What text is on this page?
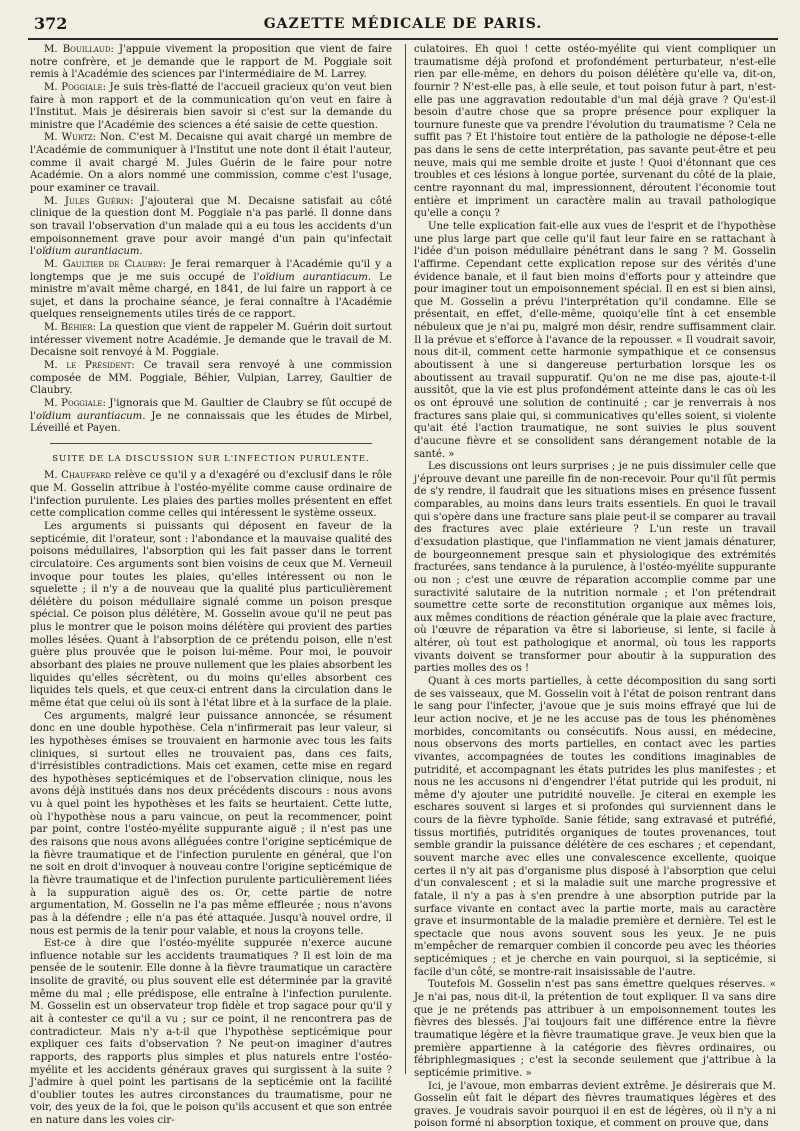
372	GAZETTE MÉDICALE DE PARIS.

M. Bouillaud: J'appuie vivement la proposition que vient de faire notre confrère, et je demande que le rapport de M. Poggiale soit remis à l'Académie des sciences par l'intermédiaire de M. Larrey.

M. Poggiale: Je suis très-flatté de l'accueil gracieux qu'on veut bien faire à mon rapport et de la communication qu'on veut en faire à l'Institut. Mais je désirerais bien savoir si c'est sur la demande du ministre que l'Académie des sciences a été saisie de cette question.

M. Wurtz: Non. C'est M. Decaisne qui avait chargé un membre de l'Académie de communiquer à l'Institut une note dont il était l'auteur, comme il avait chargé M. Jules Guérin de le faire pour notre Académie. On a alors nommé une commission, comme c'est l'usage, pour examiner ce travail.

M. Jules Guérin: J'ajouterai que M. Decaisne satisfait au côté clinique de la question dont M. Poggiale n'a pas parlé. Il donne dans son travail l'observation d'un malade qui a eu tous les accidents d'un empoisonnement grave pour avoir mangé d'un pain qu'infectait l'oïdium aurantiacum.

M. Gaultier de Claubry: Je ferai remarquer à l'Académie qu'il y a longtemps que je me suis occupé de l'oïdium aurantiacum. Le ministre m'avait même chargé, en 1841, de lui faire un rapport à ce sujet, et dans la prochaine séance, je ferai connaître à l'Académie quelques renseignements utiles tirés de ce rapport.

M. Béhier: La question que vient de rappeler M. Guérin doit surtout intéresser vivement notre Académie. Je demande que le travail de M. Decaisne soit renvoyé à M. Poggiale.

M. le Président: Ce travail sera renvoyé à une commission composée de MM. Poggiale, Béhier, Vulpian, Larrey, Gaultier de Claubry.

M. Poggiale: J'ignorais que M. Gaultier de Claubry se fût occupé de l'oïdium aurantiacum. Je ne connaissais que les études de Mirbel, Léveillé et Payen.

SUITE DE LA DISCUSSION SUR L'INFECTION PURULENTE.

M. Chauffard relève ce qu'il y a d'exagéré ou d'exclusif dans le rôle que M. Gosselin attribue à l'ostéo-myélite comme cause ordinaire de l'infection purulente. Les plaies des parties molles présentent en effet cette complication comme celles qui intéressent le système osseux.

Les arguments si puissants qui déposent en faveur de la septicémie, dit l'orateur, sont : l'abondance et la mauvaise qualité des poisons médullaires, l'absorption qui les fait passer dans le torrent circulatoire. Ces arguments sont bien voisins de ceux que M. Verneuil invoque pour toutes les plaies, qu'elles intéressent ou non le squelette ; il n'y a de nouveau que la qualité plus particulièrement délétère du poison médullaire signalé comme un poison presque spécial. Ce poison plus délétère, M. Gosselin avoue qu'il ne peut pas plus le montrer que le poison moins délétère qui provient des parties molles lésées. Quant à l'absorption de ce prétendu poison, elle n'est guère plus prouvée que le poison lui-même. Pour moi, le pouvoir absorbant des plaies ne prouve nullement que les plaies absorbent les liquides qu'elles sécrètent, ou du moins qu'elles absorbent ces liquides tels quels, et que ceux-ci entrent dans la circulation dans le même état que celui où ils sont à l'état libre et à la surface de la plaie.

Ces arguments, malgré leur puissance annoncée, se résument donc en une double hypothèse. Cela n'infirmerait pas leur valeur, si les hypothèses émises se trouvaient en harmonie avec tous les faits cliniques, si surtout elles ne trouvaient pas, dans ces faits, d'irrésistibles contradictions. Mais cet examen, cette mise en regard des hypothèses septicémiques et de l'observation clinique, nous les avons déjà institués dans nos deux précédents discours : nous avons vu à quel point les hypothèses et les faits se heurtaient. Cette lutte, où l'hypothèse nous a paru vaincue, on peut la recommencer, point par point, contre l'ostéo-myélite suppurante aiguë ; il n'est pas une des raisons que nous avons alléguées contre l'origine septicémique de la fièvre traumatique et de l'infection purulente en général, que l'on ne soit en droit d'invoquer à nouveau contre l'origine septicémique de la fièvre traumatique et de l'infection purulente particulièrement liées à la suppuration aiguë des os. Or, cette partie de notre argumentation, M. Gosselin ne l'a pas même effleurée ; nous n'avons pas à la défendre ; elle n'a pas été attaquée. Jusqu'à nouvel ordre, il nous est permis de la tenir pour valable, et nous la croyons telle.

Est-ce à dire que l'ostéo-myélite suppurée n'exerce aucune influence notable sur les accidents traumatiques ? Il est loin de ma pensée de le soutenir. Elle donne à la fièvre traumatique un caractère insolite de gravité, ou plus souvent elle est déterminée par la gravité même du mal ; elle prédispose, elle entraîne à l'infection purulente. M. Gosselin est un observateur trop fidèle et trop sagace pour qu'il y ait à contester ce qu'il a vu ; sur ce point, il ne rencontrera pas de contradicteur. Mais n'y a-t-il que l'hypothèse septicémique pour expliquer ces faits d'observation ? Ne peut-on imaginer d'autres rapports, des rapports plus simples et plus naturels entre l'ostéo-myélite et les accidents généraux graves qui surgissent à la suite ? J'admire à quel point les partisans de la septicémie ont la facilité d'oublier toutes les autres circonstances du traumatisme, pour ne voir, des yeux de la foi, que le poison qu'ils accusent et que son entrée en nature dans les voies cir-

culatoires. Eh quoi ! cette ostéo-myélite qui vient compliquer un traumatisme déjà profond et profondément perturbateur, n'est-elle rien par elle-même, en dehors du poison délétère qu'elle va, dit-on, fournir ? N'est-elle pas, à elle seule, et tout poison futur à part, n'est-elle pas une aggravation redoutable d'un mal déjà grave ? Qu'est-il besoin d'autre chose que sa propre présence pour expliquer la tournure funeste que va prendre l'évolution du traumatisme ? Cela ne suffit pas ? Et l'histoire tout entière de la pathologie ne dépose-t-elle pas dans le sens de cette interprétation, pas savante peut-être et peu neuve, mais qui me semble droite et juste ! Quoi d'étonnant que ces troubles et ces lésions à longue portée, survenant du côté de la plaie, centre rayonnant du mal, impressionnent, déroutent l'économie tout entière et impriment un caractère malin au travail pathologique qu'elle a conçu ?

Une telle explication fait-elle aux vues de l'esprit et de l'hypothèse une plus large part que celle qu'il faut leur faire en se rattachant à l'idée d'un poison médullaire pénétrant dans le sang ? M. Gosselin l'affirme. Cependant cette explication repose sur des vérités d'une évidence banale, et il faut bien moins d'efforts pour y atteindre que pour imaginer tout un empoisonnement spécial. Il en est si bien ainsi, que M. Gosselin a prévu l'interprétation qu'il condamne. Elle se présentait, en effet, d'elle-même, quoiqu'elle tînt à cet ensemble nébuleux que je n'ai pu, malgré mon désir, rendre suffisamment clair. Il la prévue et s'efforce à l'avance de la repousser. « Il voudrait savoir, nous dit-il, comment cette harmonie sympathique et ce consensus aboutissent à une si dangereuse perturbation lorsque les os aboutissent au travail suppuratif. Qu'on ne me dise pas, ajoute-t-il aussitôt, que la vie est plus profondément atteinte dans le cas où les os ont éprouvé une solution de continuité ; car je renverrais à nos fractures sans plaie qui, si communicatives qu'elles soient, si violente qu'ait été l'action traumatique, ne sont suivies le plus souvent d'aucune fièvre et se consolident sans dérangement notable de la santé. »

Les discussions ont leurs surprises ; je ne puis dissimuler celle que j'éprouve devant une pareille fin de non-recevoir. Pour qu'il fût permis de s'y rendre, il faudrait que les situations mises en présence fussent comparables, au moins dans leurs traits essentiels. En quoi le travail qui s'opère dans une fracture sans plaie peut-il se comparer au travail des fractures avec plaie extérieure ? L'un reste un travail d'exsudation plastique, que l'inflammation ne vient jamais dénaturer, de bourgeonnement presque sain et physiologique des extrémités fracturées, sans tendance à la purulence, à l'ostéo-myélite suppurante ou non ; c'est une œuvre de réparation accomplie comme par une suractivité salutaire de la nutrition normale ; et l'on prétendrait soumettre cette sorte de reconstitution organique aux mêmes lois, aux mêmes conditions de réaction générale que la plaie avec fracture, où l'œuvre de réparation va être si laborieuse, si lente, si facile à altérer, où tout est pathologique et anormal, où tous les rapports vivants doivent se transformer pour aboutir à la suppuration des parties molles des os !

Quant à ces morts partielles, à cette décomposition du sang sorti de ses vaisseaux, que M. Gosselin voit à l'état de poison rentrant dans le sang pour l'infecter, j'avoue que je suis moins effrayé que lui de leur action nocive, et je ne les accuse pas de tous les phénomènes morbides, concomitants ou consécutifs. Nous aussi, en médecine, nous observons des morts partielles, en contact avec les parties vivantes, accompagnées de toutes les conditions imaginables de putridité, et accompagnant les états putrides les plus manifestes ; et nous ne les accusons ni d'engendrer l'état putride qui les produit, ni même d'y ajouter une putridité nouvelle. Je citerai en exemple les eschares souvent si larges et si profondes qui surviennent dans le cours de la fièvre typhoïde. Sanie fétide, sang extravasé et putréfié, tissus mortifiés, putridités organiques de toutes provenances, tout semble grandir la puissance délétère de ces eschares ; et cependant, souvent marche avec elles une convalescence excellente, quoique certes il n'y ait pas d'organisme plus disposé à l'absorption que celui d'un convalescent ; et si la maladie suit une marche progressive et fatale, il n'y a pas à s'en prendre à une absorption putride par la surface vivante en contact avec la partie morte, mais au caractère grave et insurmontable de la maladie première et dernière. Tel est le spectacle que nous avons souvent sous les yeux. Je ne puis m'empêcher de remarquer combien il concorde peu avec les théories septicémiques ; et je cherche en vain pourquoi, si la septicémie, si facile d'un côté, se montre-rait insaisissable de l'autre.

Toutefois M. Gosselin n'est pas sans émettre quelques réserves. « Je n'ai pas, nous dit-il, la prétention de tout expliquer. Il va sans dire que je ne prétends pas attribuer à un empoisonnement toutes les fièvres des blessés. J'ai toujours fait une différence entre la fièvre traumatique légère et la fièvre traumatique grave. Je veux bien que la première appartienne à la catégorie des fièvres ordinaires, ou fébriphlegmasiques ; c'est la seconde seulement que j'attribue à la septicémie primitive. »

Ici, je l'avoue, mon embarras devient extrême. Je désirerais que M. Gosselin eût fait le départ des fièvres traumatiques légères et des graves. Je voudrais savoir pourquoi il en est de légères, où il n'y a ni poison formé ni absorption toxique, et comment on prouve que, dans
